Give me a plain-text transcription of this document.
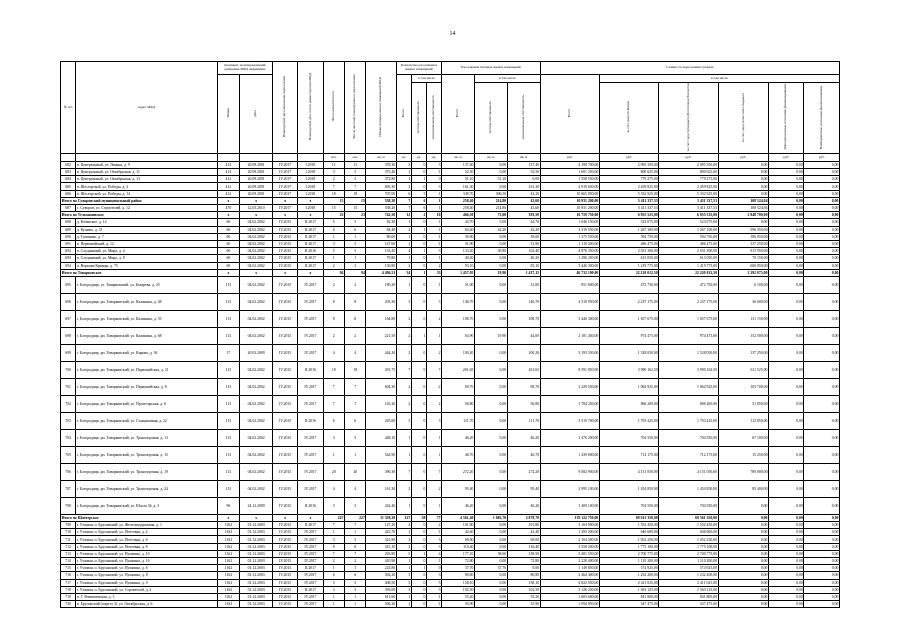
14
№ п/п	Адрес МКД	Документ, подтверждающий признание МКД аварийным		Планируемая дата окончания переселения	Планируемая дата сноса/ реконструкции МКД	Число жителей всего	Число жителей планируемых к переселению	Общая площадь жилых помещений МКД	Количество расселяемых жилых помещений			Расселяемая площадь жилых помещений			Стоимость переселения граждан					
		Номер	Дата						Всего	в том числе		Всего	в том числе		Всего	в том числе				
										частная собственность	муниципальная собственность		частная собственность	муниципальная собственность		за счет средств Фонда	за счет средств бюджета Республики Татарстан	за счет средств местного бюджета	Дополнительные источники финансирования	Внебюджетные источники финансирования
						чел.	чел.	кв. м	ед.	ед.	ед.	кв. м	кв. м	кв. м	руб.	руб.	руб.	руб.	руб.	руб.
682	п. Центральный, ул. Ленина, д. 9	412	20.09.2001	IV.2017	I.2018	11	11	378,30	3	0	3	137,40	0,00	137,40	4 190 700,00	2 095 350,00	2 095 350,00	0,00	0,00	0,00
683	п. Центральный, ул. Октябрьская, д. 11	412	20.09.2001	IV.2017	I.2018	3	3	375,40	1	0	1	52,50	0,00	52,50	1 601 250,00	800 625,00	800 625,00	0,00	0,00	0,00
684	п. Центральный, ул. Октябрьская, д. 13	412	20.09.2001	IV.2017	I.2018	2	2	372,80	1	1	0	51,10	51,10	0,00	1 558 550,00	779 275,00	779 275,00	0,00	0,00	0,00
685	п. Шестерской, ул. Победы, д. 3	412	20.09.2001	IV.2017	I.2018	7	7	695,30	3	0	3	161,30	0,00	161,30	4 919 650,00	2 459 825,00	2 459 825,00	0,00	0,00	0,00
686	п. Шестерской, ул. Победы, д. 14	412	20.09.2001	IV.2017	I.2018	18	18	707,00	6	5	1	349,70	306,50	43,20	10 665 850,00	5 332 925,00	5 332 925,00	0,00	0,00	0,00
Итого по Суворовский муниципальный район		x	x	x	x	15	15	538,20	7	6	1	258,40	214,80	43,60	10 931 200,00	5 411 337,53	5 411 337,53	108 524,94	0,00	0,00
687	с. Суворов, ул. Строителей, д. 12	470	12.05.2010	IV.2017	I.2018	15	15	538,20	7	6	1	258,40	214,80	43,60	10 931 200,00	5 411 337,53	5 411 337,53	108 524,94	0,00	0,00
Итого по Тельмановское		x	x	x	x	23	23	742,50	12	2	10	466,50	73,00	393,50	16 759 750,00	6 955 525,00	6 955 525,00	2 848 700,00	0,00	0,00
688	д. Кочевское, д. 14	60	04.02.2002	IV.2015	II.2017	5	5	82,30	1	0	1	44,70	0,00	44,70	1 046 150,00	523 075,00	523 075,00	0,00	0,00	0,00
689	д. Кушево, д. 31	60	04.02.2002	IV.2015	II.2017	6	6	84,40	2	1	1	84,40	42,20	42,20	3 319 550,00	1 267 100,00	1 267 100,00	596 350,00	0,00	0,00
690	д. Туманово, д. 7	60	04.02.2002	IV.2015	II.2017	1	1	80,00	1	0	1	39,00	0,00	39,00	1 375 550,00	594 750,00	594 750,00	186 050,00	0,00	0,00
691	п. Первомайский, д. 12	60	04.02.2002	IV.2015	II.2017	3	3	147,60	1	0	1	31,90	0,00	31,90	1 110 200,00	486 475,00	486 475,00	137 250,00	0,00	0,00
692	п. Соединений, ул. Мира, д. 4	60	04.02.2002	IV.2015	II.2016	5	5	133,20	4	1	3	133,20	30,80	102,40	4 976 350,00	2 031 300,00	2 031 300,00	913 950,00	0,00	0,00
693	п. Соединений, ул. Мира, д. 8	60	04.02.2002	IV.2015	II.2017	1	1	79,80	1	0	1	40,20	0,00	40,20	1 296 250,00	613 050,00	613 050,00	70 150,00	0,00	0,00
694	п. Верхние Кривцы, д. 75	60	04.02.2002	IV.2015	II.2017	2	2	130,80	2	0	2	93,10	0,00	93,10	3 446 300,00	1 419 775,00	1 419 775,00	606 950,00	0,00	0,00
Итого по Товарковское		x	x	x	x	94	94	4 496,53	34	1	33	1 457,05	19,90	1 437,15	46 732 100,00	22 220 012,50	22 220 012,50	2 292 075,00	0,00	0,00
695	г. Богородицк, ул. Товарковский, ул. Бахарева, д. 25	113	04.02.2002	IV.2015	IV.2017	2	2	189,20	1	0	1	31,00	0,00	31,00	951 600,00	472 750,00	472 750,00	6 100,00	0,00	0,00
696	г. Богородицк, рп. Товарковский, ул. Калинина, д. 48	113	04.02.2002	IV.2015	IV.2017	8	8	203,30	3	0	3	146,70	0,00	146,70	4 510 950,00	2 237 175,00	2 237 175,00	36 600,00	0,00	0,00
697	г. Богородицк, рп. Товарковский, ул. Калинина, д. 53	113	04.02.2002	IV.2015	IV.2017	8	8	164,80	2	0	2	108,70	0,00	108,70	3 446 300,00	1 657 675,00	1 657 675,00	131 150,00	0,00	0,00
698	г. Богородицк, рп. Товарковский, ул. Калинина, д. 68	113	04.02.2002	IV.2015	IV.2017	2	2	221,50	2	1	1	63,90	19,90	44,00	2 101 450,00	974 475,00	974 475,00	152 500,00	0,00	0,00
699	г. Богородицк, рп. Товарковский, ул. Кирова, д. 36	17	20.03.2009	IV.2015	IV.2017	4	4	444,20	2	0	2	100,20	0,00	100,20	3 193 350,00	1 528 050,00	1 528 050,00	137 250,00	0,00	0,00
700	г. Богородицк, рп. Товарковский, ул. Первомайская, д. 21	113	04.02.2002	IV.2015	II.2016	18	18	301,75	7	0	7	261,65	0,00	261,65	8 591 850,00	3 990 162,50	3 990 162,50	611 525,00	0,00	0,00
701	г. Богородицк, рп. Товарковский, ул. Первомайская, д. 8	113	04.02.2002	IV.2015	IV.2017	7	7	604,30	2	0	2	69,70	0,00	69,70	2 229 550,00	1 062 925,00	1 062 925,00	103 700,00	0,00	0,00
702	г. Богородицк, рп. Товарковский, ул. Пролетарская, д. 6	113	04.02.2002	IV.2015	IV.2017	7	7	145,20	2	0	2	56,80	0,00	56,80	1 784 250,00	866 200,00	866 200,00	51 850,00	0,00	0,00
703	г. Богородицк, рп. Товарковский, ул. Станционная, д. 22	113	04.02.2002	IV.2015	II.2016	6	6	245,60	3	0	3	111,70	0,00	111,70	3 519 700,00	1 703 425,00	1 703 425,00	112 850,00	0,00	0,00
704	г. Богородицк, рп. Товарковский, ул. Транспортная, д. 13	113	04.02.2002	IV.2015	IV.2017	3	3	448,10	1	0	1	46,20	0,00	46,20	1 476 200,00	704 550,00	704 550,00	67 100,00	0,00	0,00
705	г. Богородицк, рп. Товарковский, ул. Транспортная, д. 15	113	04.02.2002	IV.2015	IV.2017	1	1	542,90	1	0	1	46,70	0,00	46,70	1 439 600,00	712 175,00	712 175,00	15 250,00	0,00	0,00
706	г. Богородицк, рп. Товарковский, ул. Транспортная, д. 19	113	04.02.2002	IV.2015	IV.2017	20	20	390,30	7	0	7	272,20	0,00	272,20	9 082 900,00	4 151 050,00	4 151 050,00	780 800,00	0,00	0,00
707	г. Богородицк, рп. Товарковский, ул. Транспортная, д. 24	113	04.02.2002	IV.2015	IV.2017	4	4	161,20	2	0	2	95,40	0,00	95,40	2 995 100,00	1 454 850,00	1 454 850,00	85 400,00	0,00	0,00
708	г. Богородицк, рп. Товарковский, ул. Шахта 34, д. 3	96	24.12.2009	IV.2015	II.2016	3	3	432,40	1	0	1	46,20	0,00	46,20	1 409 100,00	704 550,00	704 550,00	0,00	0,00	0,00
Итого по Шахтерское		x	x	x	x	227	227	11 358,20	127	58	77	4 561,40	1 682,70	2 878,70	139 122 750,00	69 561 350,00	69 561 350,00	0,00	0,00	0,00
709	г. Узловая, п. Брусянский, ул. Железнодорожная, д. 1	1162	01.12.2003	IV.2015	II.2017	7	7	127,20	2	0	2	101,80	0,00	101,80	3 104 900,00	1 552 450,00	1 552 450,00	0,00	0,00	0,00
710	г. Узловая, п. Брусянский, ул. Почтовая, д. 4	1162	01.12.2003	IV.2015	IV.2017	1	1	423,70	1	0	1	42,40	0,00	42,40	1 293 200,00	646 600,00	646 600,00	0,00	0,00	0,00
711	г. Узловая, п. Брусянский, ул. Почтовая, д. 6	1162	01.12.2003	IV.2015	IV.2017	3	3	321,90	3	0	3	69,00	0,00	69,00	2 104 500,00	1 052 250,00	1 052 250,00	0,00	0,00	0,00
712	г. Узловая, п. Брусянский, ул. Почтовая, д. 8	1162	01.12.2003	IV.2015	IV.2017	8	8	415,10	3	0	3	116,40	0,00	116,40	3 550 200,00	1 775 100,00	1 775 100,00	0,00	0,00	0,00
713	г. Узловая, п. Брусянский, ул. Пушкина, д. 10	1162	01.12.2003	IV.2015	IV.2017	7	7	203,80	5	1	4	177,10	38,60	138,50	5 401 550,00	2 700 775,00	2 700 775,00	0,00	0,00	0,00
714	г. Узловая, п. Брусянский, ул. Пушкина, д. 16	1162	01.12.2003	IV.2015	IV.2017	2	2	410,90	1	0	1	72,80	0,00	72,80	2 220 400,00	1 110 200,00	1 110 200,00	0,00	0,00	0,00
715	г. Узловая, п. Брусянский, ул. Пушкина, д. 6	1162	01.12.2003	IV.2015	II.2017	1	1	225,80	1	1	0	37,70	37,70	0,00	1 149 850,00	574 925,00	574 925,00	0,00	0,00	0,00
716	г. Узловая, п. Брусянский, ул. Пушкина, д. 8	1162	01.12.2003	IV.2015	IV.2017	6	6	302,20	3	0	3	80,80	0,00	80,80	2 464 400,00	1 232 200,00	1 232 200,00	0,00	0,00	0,00
717	г. Узловая, п. Брусянский, ул. Пушкина, д. 9	1162	01.12.2003	IV.2015	IV.2017	5	5	408,50	5	0	5	158,10	0,00	158,10	4 822 050,00	2 411 025,00	2 411 025,00	0,00	0,00	0,00
718	г. Узловая, п. Брусянский, ул. Строителей, д. 2	1162	01.12.2003	IV.2015	II.2017	3	3	393,00	3	0	3	102,50	0,00	102,50	3 126 250,00	1 563 125,00	1 563 125,00	0,00	0,00	0,00
719	п. Г. Ревтишевская, д. 3	1162	01.12.2003	IV.2015	IV.2017	1	1	611,60	1	0	1	55,20	0,00	55,20	1 683 600,00	841 800,00	841 800,00	0,00	0,00	0,00
720	п. Брусянский (смрттл 3), ул. Октябрьская, д. 6	1162	01.12.2003	IV.2015	IV.2017	1	1	506,20	1	0	1	35,90	0,00	35,90	1 094 950,00	547 475,00	547 475,00	0,00	0,00	0,00
